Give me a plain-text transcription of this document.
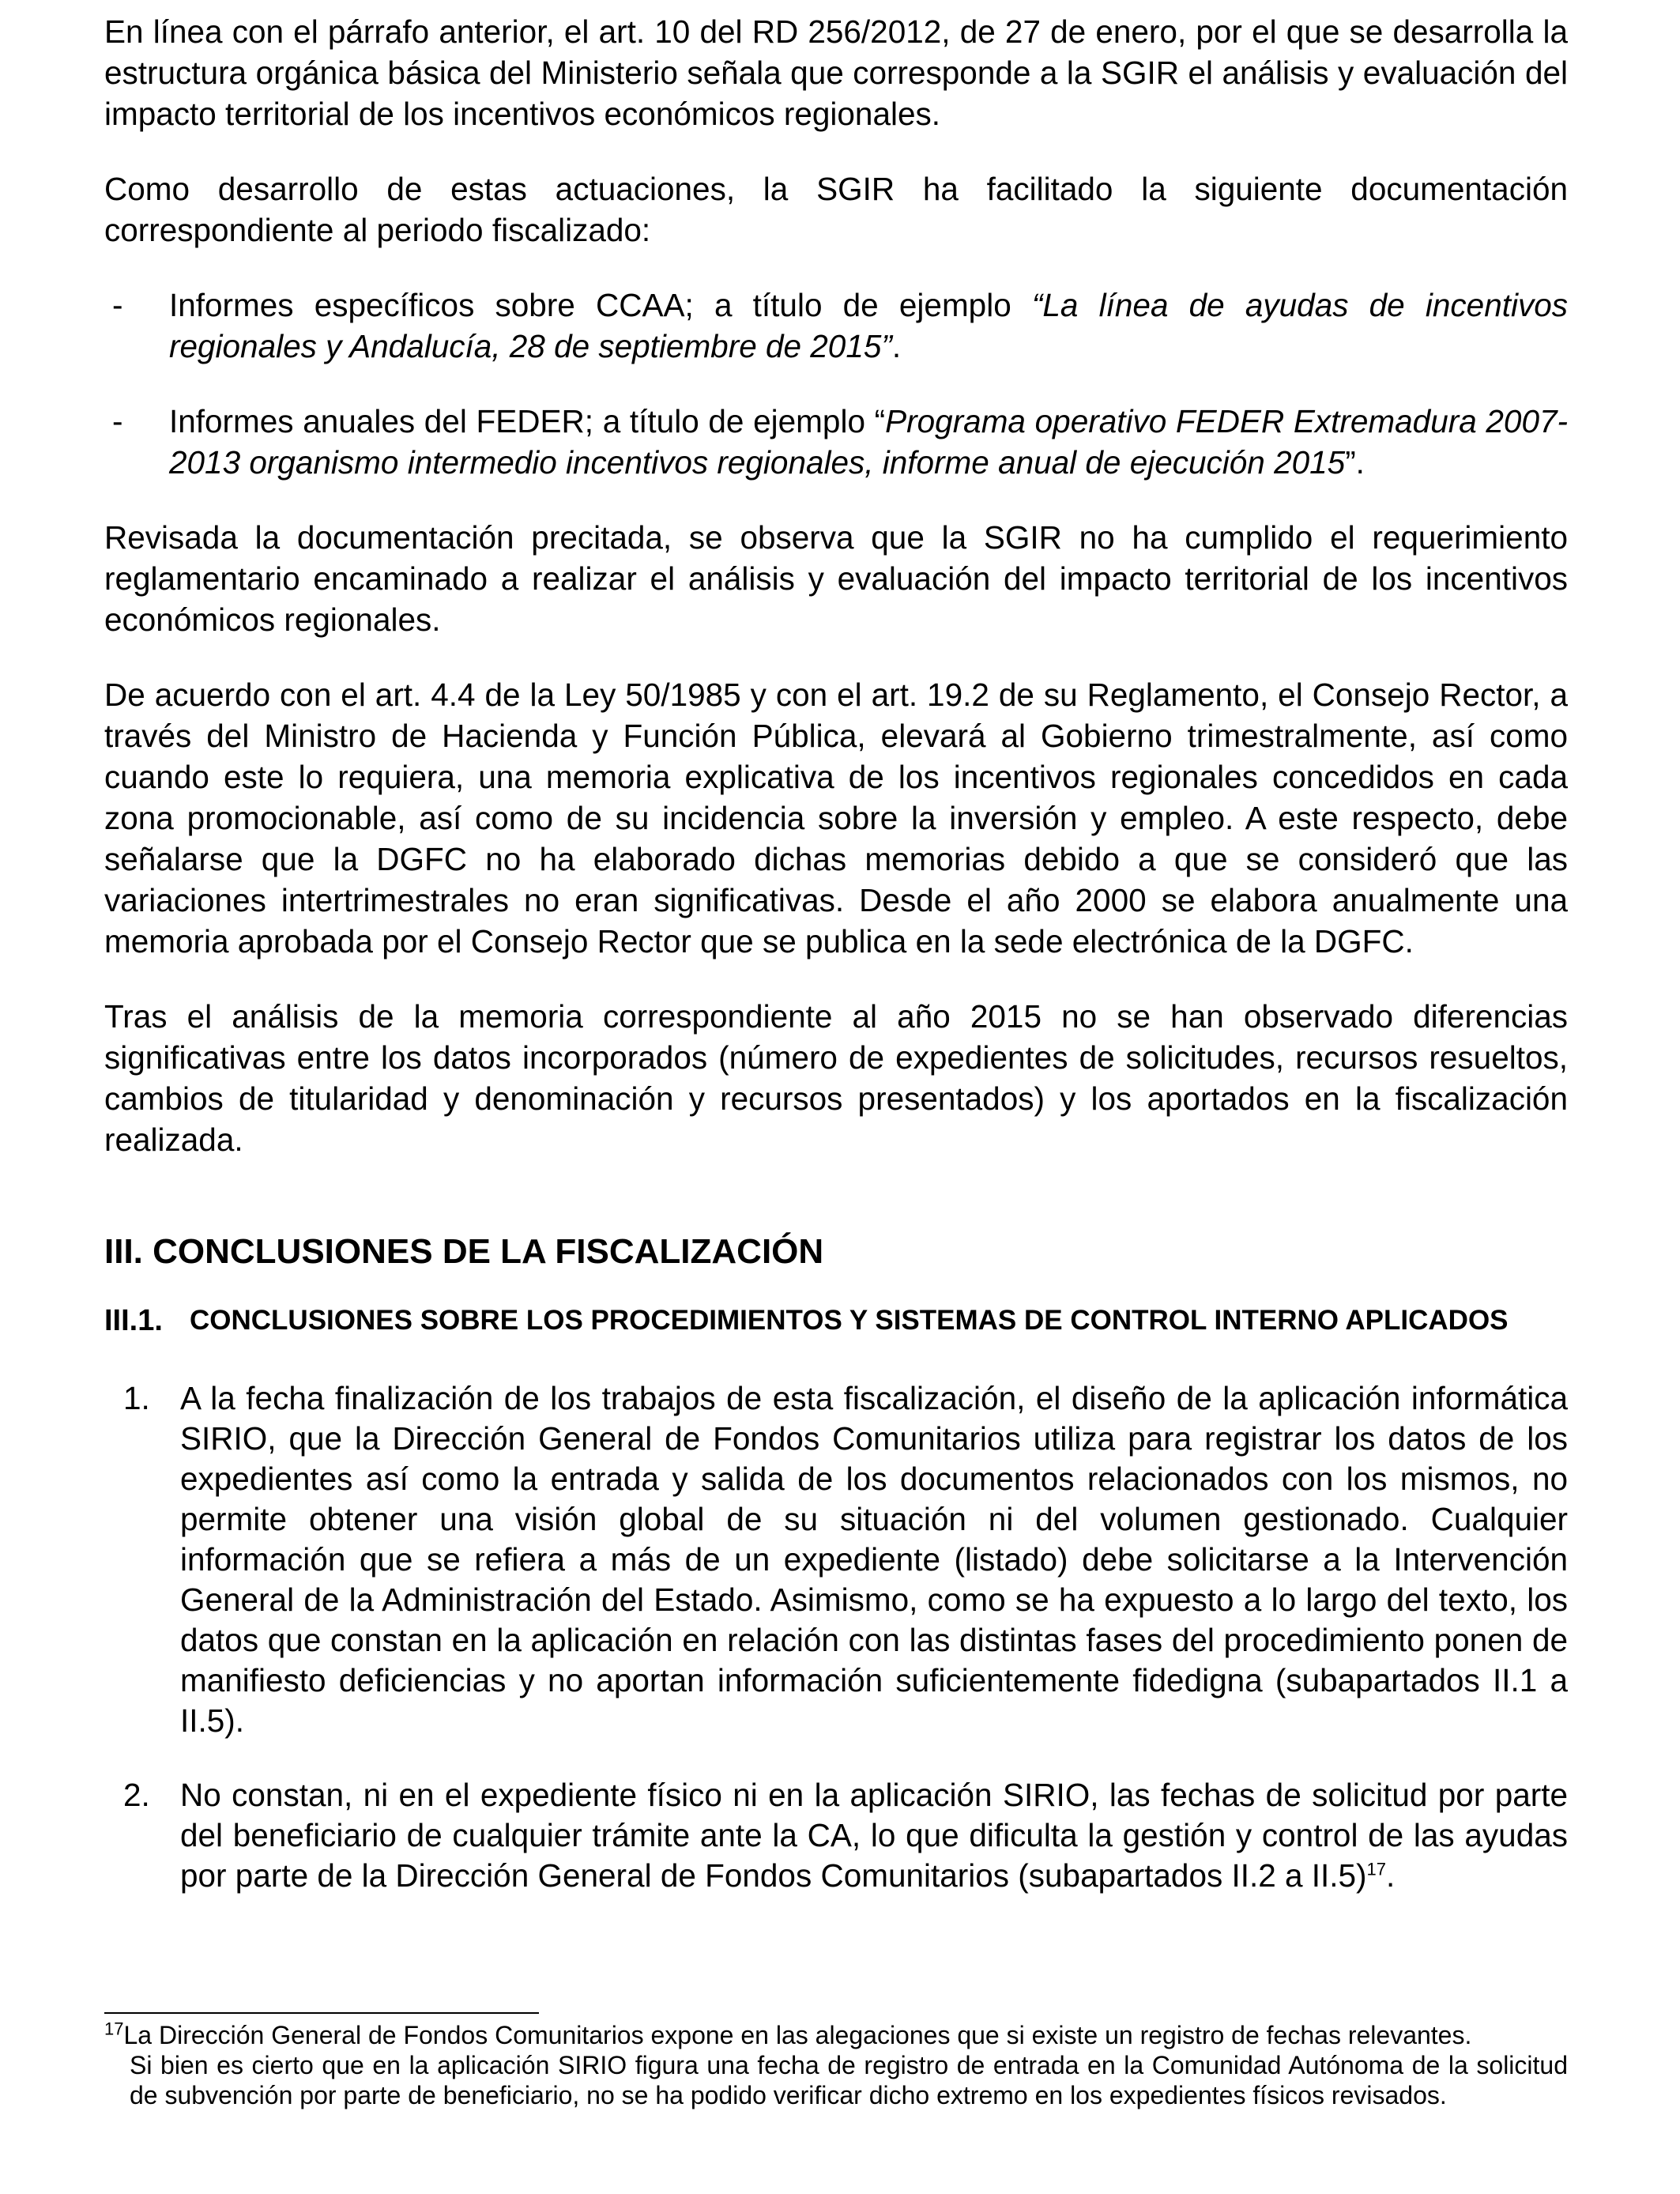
En línea con el párrafo anterior, el art. 10 del RD 256/2012, de 27 de enero, por el que se desarrolla la estructura orgánica básica del Ministerio señala que corresponde a la SGIR el análisis y evaluación del impacto territorial de los incentivos económicos regionales.

Como desarrollo de estas actuaciones, la SGIR ha facilitado la siguiente documentación correspondiente al periodo fiscalizado:

- Informes específicos sobre CCAA; a título de ejemplo “La línea de ayudas de incentivos regionales y Andalucía, 28 de septiembre de 2015”.
- Informes anuales del FEDER; a título de ejemplo “Programa operativo FEDER Extremadura 2007-2013 organismo intermedio incentivos regionales, informe anual de ejecución 2015”.

Revisada la documentación precitada, se observa que la SGIR no ha cumplido el requerimiento reglamentario encaminado a realizar el análisis y evaluación del impacto territorial de los incentivos económicos regionales.

De acuerdo con el art. 4.4 de la Ley 50/1985 y con el art. 19.2 de su Reglamento, el Consejo Rector, a través del Ministro de Hacienda y Función Pública, elevará al Gobierno trimestralmente, así como cuando este lo requiera, una memoria explicativa de los incentivos regionales concedidos en cada zona promocionable, así como de su incidencia sobre la inversión y empleo. A este respecto, debe señalarse que la DGFC no ha elaborado dichas memorias debido a que se consideró que las variaciones intertrimestrales no eran significativas. Desde el año 2000 se elabora anualmente una memoria aprobada por el Consejo Rector que se publica en la sede electrónica de la DGFC.

Tras el análisis de la memoria correspondiente al año 2015 no se han observado diferencias significativas entre los datos incorporados (número de expedientes de solicitudes, recursos resueltos, cambios de titularidad y denominación y recursos presentados) y los aportados en la fiscalización realizada.

III. CONCLUSIONES DE LA FISCALIZACIÓN
III.1. CONCLUSIONES SOBRE LOS PROCEDIMIENTOS Y SISTEMAS DE CONTROL INTERNO APLICADOS
1. A la fecha finalización de los trabajos de esta fiscalización, el diseño de la aplicación informática SIRIO, que la Dirección General de Fondos Comunitarios utiliza para registrar los datos de los expedientes así como la entrada y salida de los documentos relacionados con los mismos, no permite obtener una visión global de su situación ni del volumen gestionado. Cualquier información que se refiera a más de un expediente (listado) debe solicitarse a la Intervención General de la Administración del Estado. Asimismo, como se ha expuesto a lo largo del texto, los datos que constan en la aplicación en relación con las distintas fases del procedimiento ponen de manifiesto deficiencias y no aportan información suficientemente fidedigna (subapartados II.1 a II.5).
2. No constan, ni en el expediente físico ni en la aplicación SIRIO, las fechas de solicitud por parte del beneficiario de cualquier trámite ante la CA, lo que dificulta la gestión y control de las ayudas por parte de la Dirección General de Fondos Comunitarios (subapartados II.2 a II.5)$^{17}$.
$^{17}$La Dirección General de Fondos Comunitarios expone en las alegaciones que si existe un registro de fechas relevantes.
Si bien es cierto que en la aplicación SIRIO figura una fecha de registro de entrada en la Comunidad Autónoma de la solicitud de subvención por parte de beneficiario, no se ha podido verificar dicho extremo en los expedientes físicos revisados.
